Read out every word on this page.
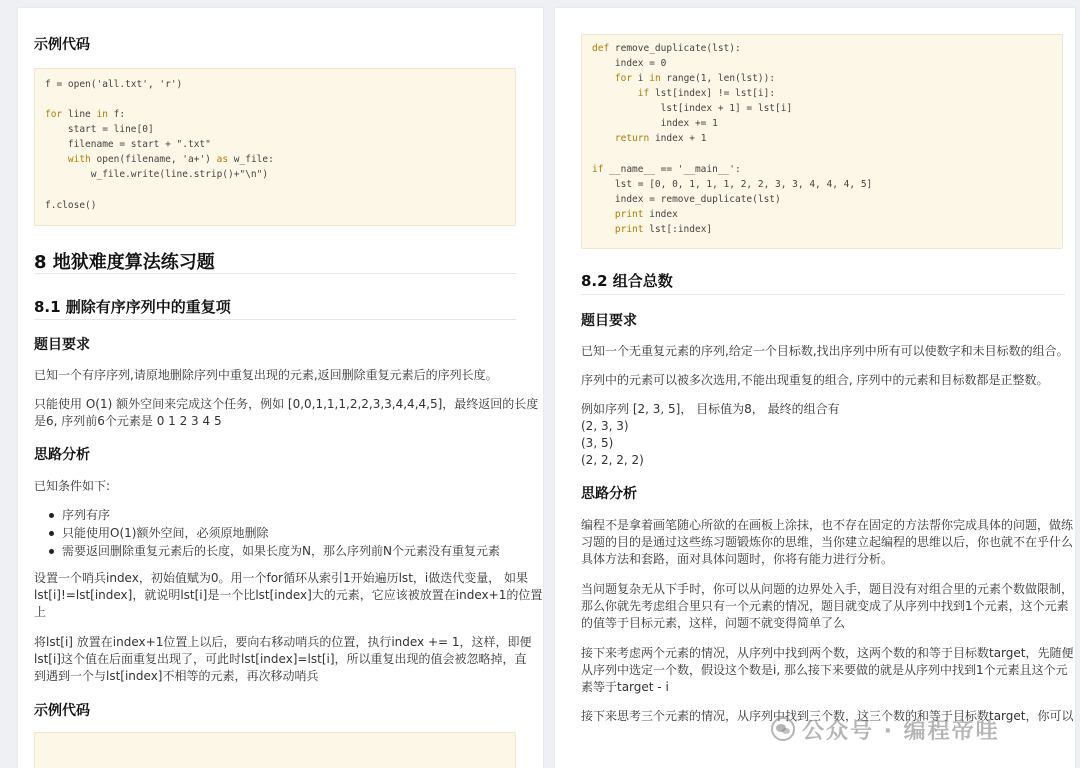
示例代码
f = open('all.txt', 'r')
for line in f:
start = line[0]
filename = start + ".txt"
with open(filename, 'a+') as w_file:
w_file.write(line.strip()+"\n")
f.close()
8 地狱难度算法练习题
8.1 删除有序序列中的重复项
题目要求
已知一个有序序列,请原地删除序列中重复出现的元素,返回删除重复元素后的序列长度。
只能使用 O(1) 额外空间来完成这个任务，例如 [0,0,1,1,1,2,2,3,3,4,4,4,5]，最终返回的长度
是6, 序列前6个元素是 0 1 2 3 4 5
思路分析
已知条件如下:
序列有序
只能使用O(1)额外空间，必须原地删除
需要返回删除重复元素后的长度，如果长度为N，那么序列前N个元素没有重复元素
设置一个哨兵index，初始值赋为0。用一个for循环从索引1开始遍历lst，i做迭代变量， 如果
lst[i]!=lst[index]，就说明lst[i]是一个比lst[index]大的元素，它应该被放置在index+1的位置
上
将lst[i] 放置在index+1位置上以后，要向右移动哨兵的位置，执行index += 1，这样，即便
lst[i]这个值在后面重复出现了，可此时lst[index]=lst[i]，所以重复出现的值会被忽略掉，直
到遇到一个与lst[index]不相等的元素，再次移动哨兵
示例代码
def remove_duplicate(lst):
index = 0
for i in range(1, len(lst)):
if lst[index] != lst[i]:
lst[index + 1] = lst[i]
index += 1
return index + 1
if __name__ == '__main__':
lst = [0, 0, 1, 1, 1, 2, 2, 3, 3, 4, 4, 4, 5]
index = remove_duplicate(lst)
print index
print lst[:index]
8.2 组合总数
题目要求
已知一个无重复元素的序列,给定一个目标数,找出序列中所有可以使数字和未目标数的组合。
序列中的元素可以被多次选用,不能出现重复的组合, 序列中的元素和目标数都是正整数。
例如序列 [2, 3, 5]， 目标值为8， 最终的组合有
(2, 3, 3)
(3, 5)
(2, 2, 2, 2)
思路分析
编程不是拿着画笔随心所欲的在画板上涂抹，也不存在固定的方法帮你完成具体的问题，做练
习题的目的是通过这些练习题锻炼你的思维，当你建立起编程的思维以后，你也就不在乎什么
具体方法和套路，面对具体问题时，你将有能力进行分析。
当问题复杂无从下手时，你可以从问题的边界处入手，题目没有对组合里的元素个数做限制，
那么你就先考虑组合里只有一个元素的情况，题目就变成了从序列中找到1个元素，这个元素
的值等于目标元素，这样，问题不就变得简单了么
接下来考虑两个元素的情况，从序列中找到两个数，这两个数的和等于目标数target，先随便
从序列中选定一个数，假设这个数是i, 那么接下来要做的就是从序列中找到1个元素且这个元
素等于target - i
接下来思考三个元素的情况，从序列中找到三个数，这三个数的和等于目标数target，你可以
公众号 · 编程帝哇
